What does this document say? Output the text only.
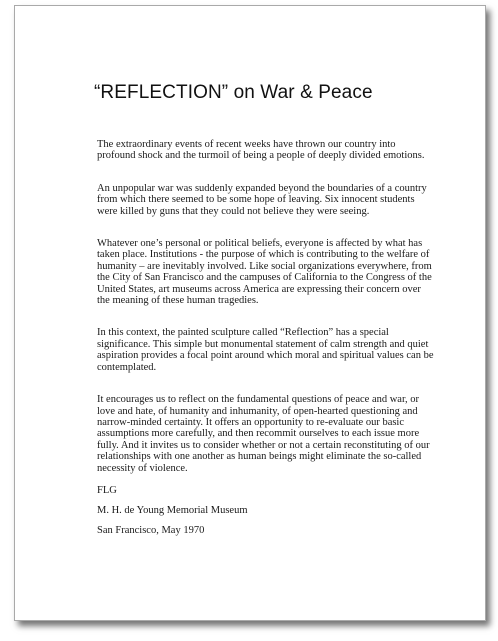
“REFLECTION” on War & Peace

The extraordinary events of recent weeks have thrown our country into profound shock and the turmoil of being a people of deeply divided emotions.

An unpopular war was suddenly expanded beyond the boundaries of a country from which there seemed to be some hope of leaving. Six innocent students were killed by guns that they could not believe they were seeing.

Whatever one’s personal or political beliefs, everyone is affected by what has taken place. Institutions - the purpose of which is contributing to the welfare of humanity – are inevitably involved. Like social organizations everywhere, from the City of San Francisco and the campuses of California to the Congress of the United States, art museums across America are expressing their concern over the meaning of these human tragedies.

In this context, the painted sculpture called “Reflection” has a special significance. This simple but monumental statement of calm strength and quiet aspiration provides a focal point around which moral and spiritual values can be contemplated.

It encourages us to reflect on the fundamental questions of peace and war, or love and hate, of humanity and inhumanity, of open-hearted questioning and narrow-minded certainty. It offers an opportunity to re-evaluate our basic assumptions more carefully, and then recommit ourselves to each issue more fully. And it invites us to consider whether or not a certain reconstituting of our relationships with one another as human beings might eliminate the so-called necessity of violence.

FLG
M. H. de Young Memorial Museum
San Francisco, May 1970
